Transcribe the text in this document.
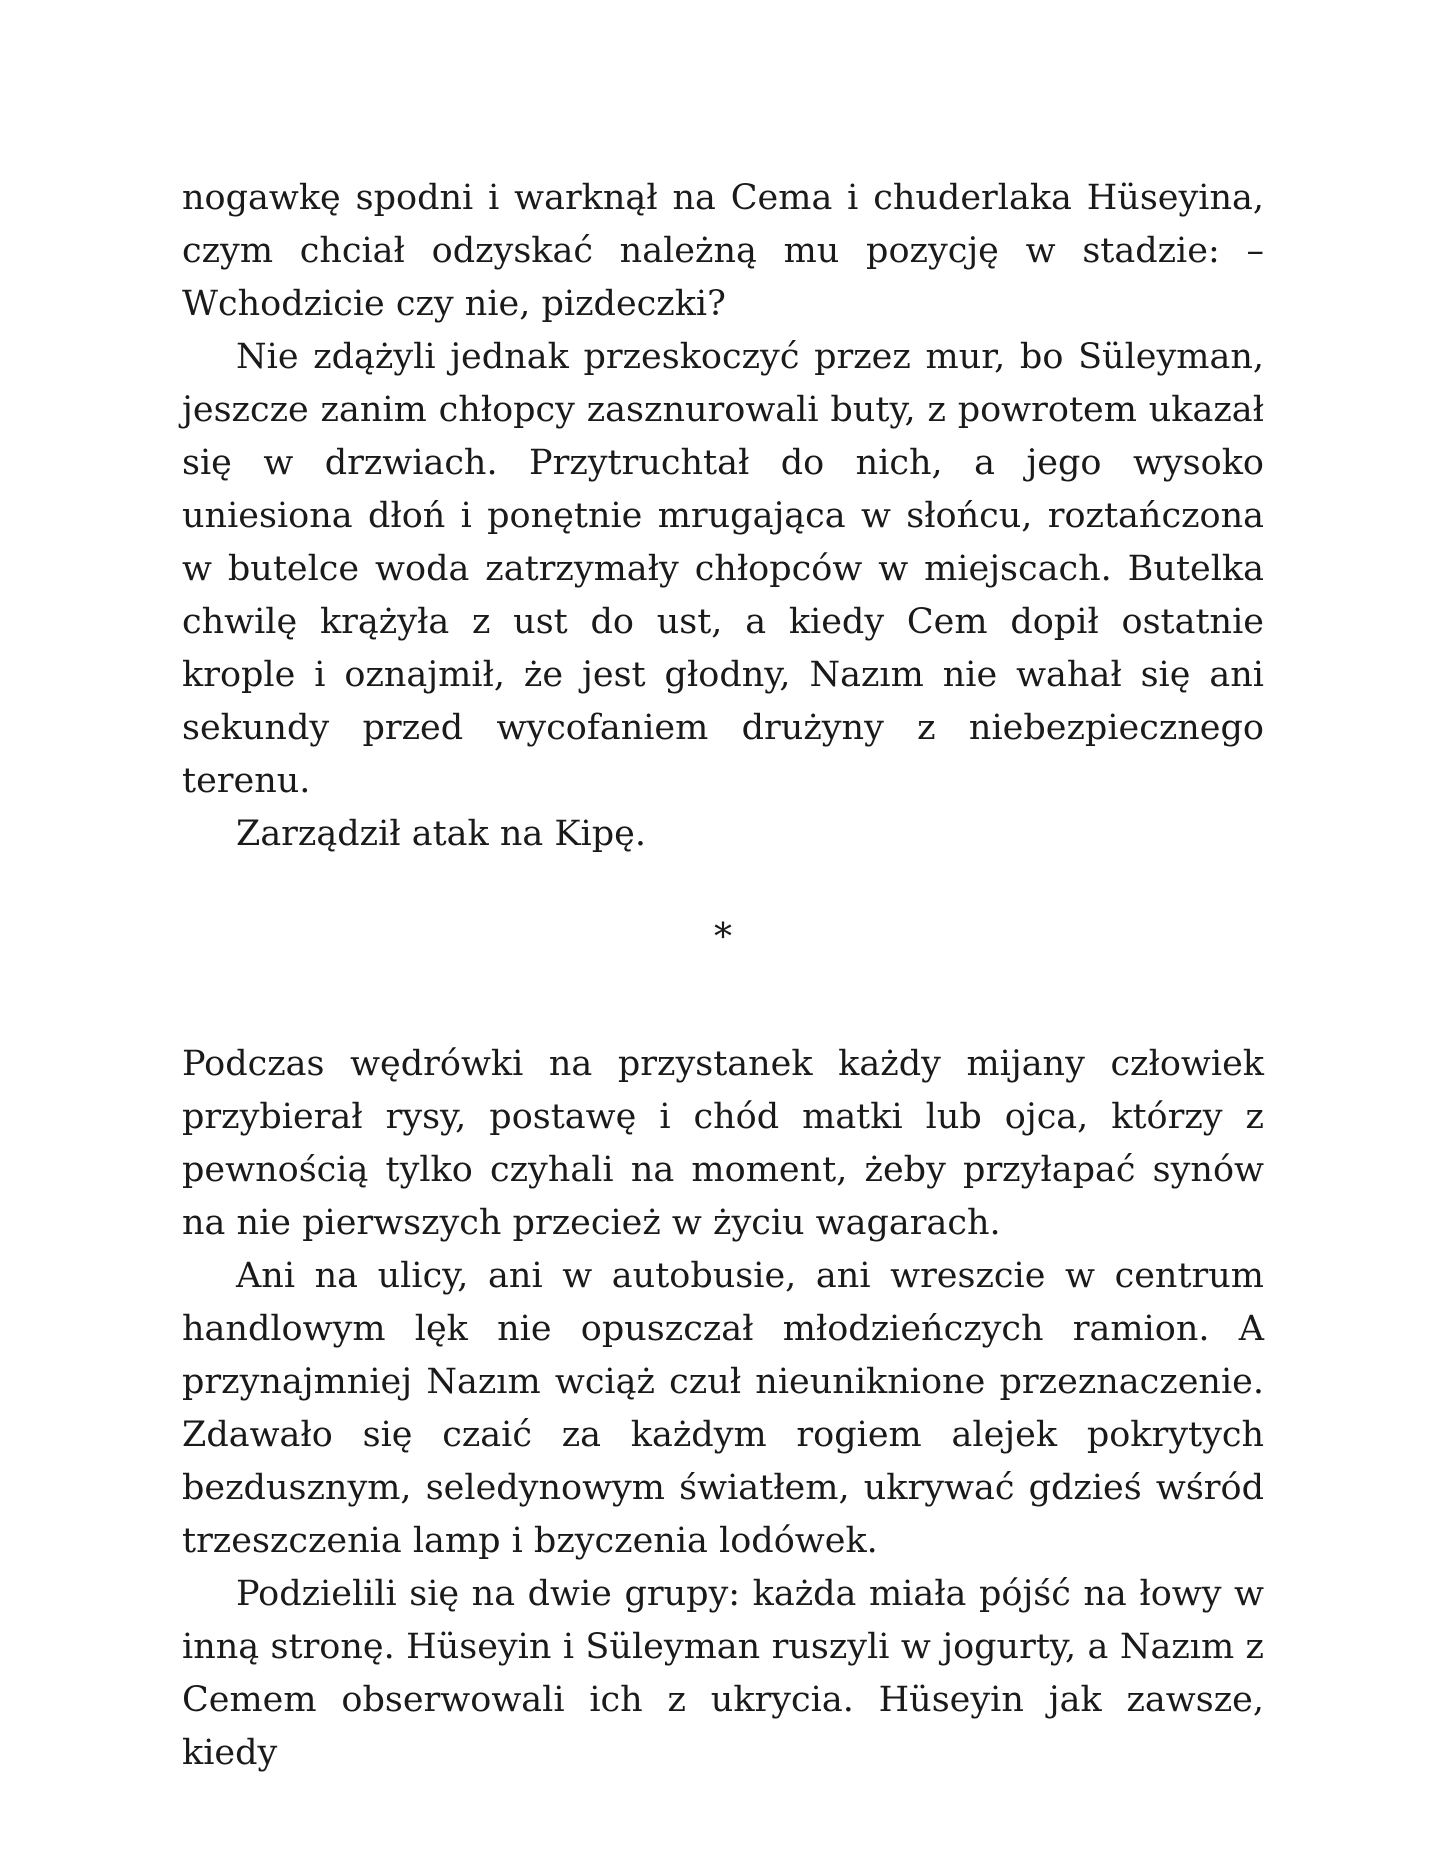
nogawkę spodni i warknął na Cema i chuderlaka Hüseyina, czym chciał odzyskać należną mu pozycję w stadzie: – Wchodzicie czy nie, pizdeczki?

Nie zdążyli jednak przeskoczyć przez mur, bo Süleyman, jeszcze zanim chłopcy zasznurowali buty, z powrotem ukazał się w drzwiach. Przytruchtał do nich, a jego wysoko uniesiona dłoń i ponętnie mrugająca w słońcu, roztańczona w butelce woda zatrzymały chłopców w miejscach. Butelka chwilę krążyła z ust do ust, a kiedy Cem dopił ostatnie krople i oznajmił, że jest głodny, Nazım nie wahał się ani sekundy przed wycofaniem drużyny z niebezpiecznego terenu.

Zarządził atak na Kipę.

*

Podczas wędrówki na przystanek każdy mijany człowiek przybierał rysy, postawę i chód matki lub ojca, którzy z pewnością tylko czyhali na moment, żeby przyłapać synów na nie pierwszych przecież w życiu wagarach.

Ani na ulicy, ani w autobusie, ani wreszcie w centrum handlowym lęk nie opuszczał młodzieńczych ramion. A przynajmniej Nazım wciąż czuł nieuniknione przeznaczenie. Zdawało się czaić za każdym rogiem alejek pokrytych bezdusznym, seledynowym światłem, ukrywać gdzieś wśród trzeszczenia lamp i bzyczenia lodówek.

Podzielili się na dwie grupy: każda miała pójść na łowy w inną stronę. Hüseyin i Süleyman ruszyli w jogurty, a Nazım z Cemem obserwowali ich z ukrycia. Hüseyin jak zawsze, kiedy
